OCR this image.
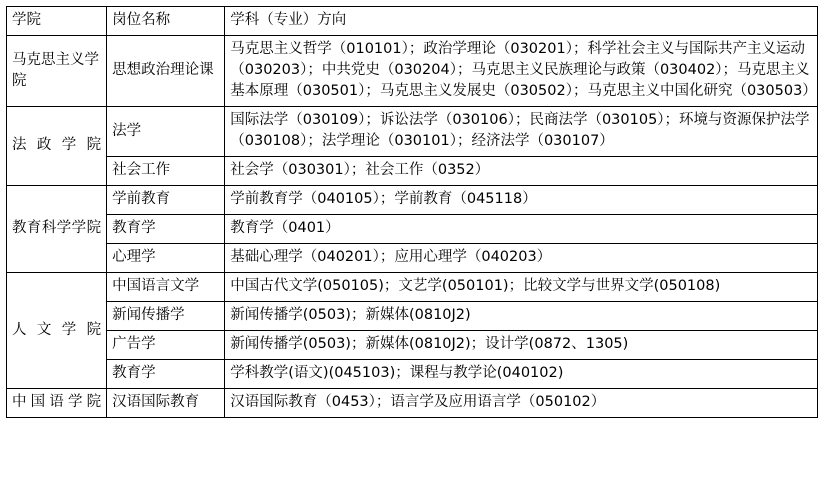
学院	岗位名称	学科（专业）方向

马克思主义学院	思想政治理论课	马克思主义哲学（010101）；政治学理论（030201）；科学社会主义与国际共产主义运动（030203）；中共党史（030204）；马克思主义民族理论与政策（030402）；马克思主义基本原理（030501）；马克思主义发展史（030502）；马克思主义中国化研究（030503）

法政学院	法学	国际法学（030109）；诉讼法学（030106）；民商法学（030105）；环境与资源保护法学（030108）；法学理论（030101）；经济法学（030107）
	社会工作	社会学（030301）；社会工作（0352）

教育科学学院	学前教育	学前教育学（040105）；学前教育（045118）
	教育学	教育学（0401）
	心理学	基础心理学（040201）；应用心理学（040203）

人文学院	中国语言文学	中国古代文学(050105)；文艺学(050101)；比较文学与世界文学(050108)
	新闻传播学	新闻传播学(0503)；新媒体(0810J2)
	广告学	新闻传播学(0503)；新媒体(0810J2)；设计学(0872、1305)
	教育学	学科教学(语文)(045103)；课程与教学论(040102)

中国语学院	汉语国际教育	汉语国际教育（0453）；语言学及应用语言学（050102）
